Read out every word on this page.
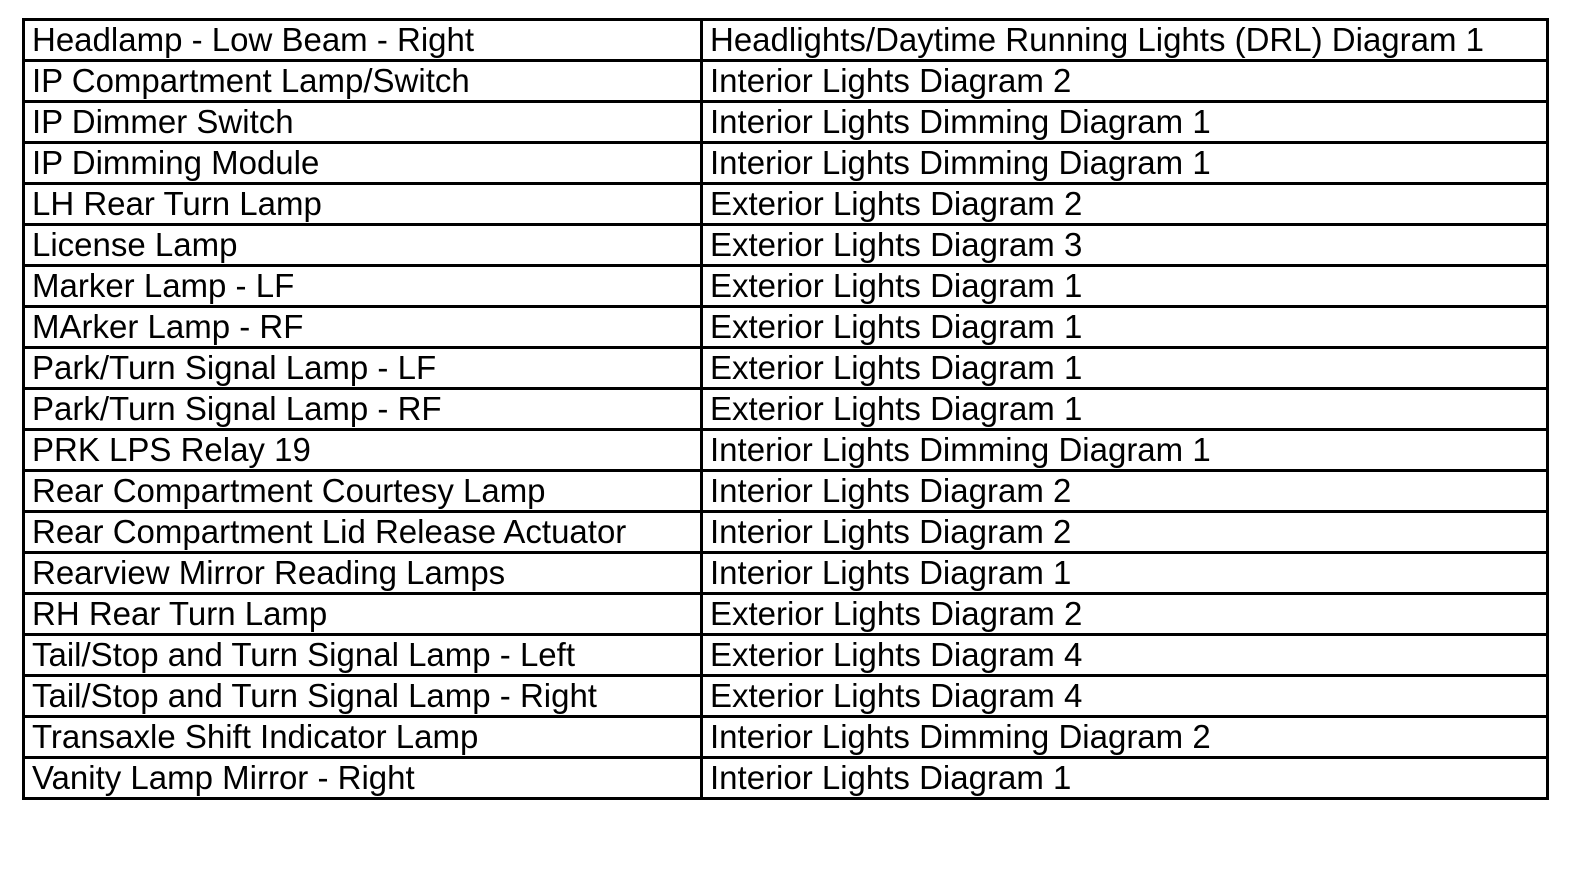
Headlamp - Low Beam - Right	Headlights/Daytime Running Lights (DRL) Diagram 1
IP Compartment Lamp/Switch	Interior Lights Diagram 2
IP Dimmer Switch	Interior Lights Dimming Diagram 1
IP Dimming Module	Interior Lights Dimming Diagram 1
LH Rear Turn Lamp	Exterior Lights Diagram 2
License Lamp	Exterior Lights Diagram 3
Marker Lamp - LF	Exterior Lights Diagram 1
MArker Lamp - RF	Exterior Lights Diagram 1
Park/Turn Signal Lamp - LF	Exterior Lights Diagram 1
Park/Turn Signal Lamp - RF	Exterior Lights Diagram 1
PRK LPS Relay 19	Interior Lights Dimming Diagram 1
Rear Compartment Courtesy Lamp	Interior Lights Diagram 2
Rear Compartment Lid Release Actuator	Interior Lights Diagram 2
Rearview Mirror Reading Lamps	Interior Lights Diagram 1
RH Rear Turn Lamp	Exterior Lights Diagram 2
Tail/Stop and Turn Signal Lamp - Left	Exterior Lights Diagram 4
Tail/Stop and Turn Signal Lamp - Right	Exterior Lights Diagram 4
Transaxle Shift Indicator Lamp	Interior Lights Dimming Diagram 2
Vanity Lamp Mirror - Right	Interior Lights Diagram 1
